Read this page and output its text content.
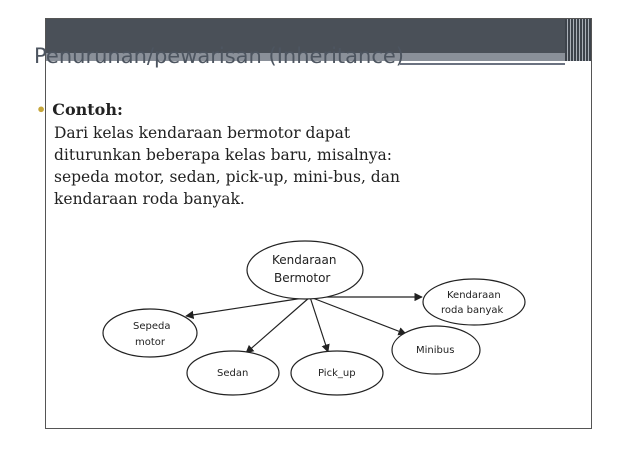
Penurunan/pewarisan (Inheritance)
• Contoh:
Dari kelas kendaraan bermotor dapat
diturunkan beberapa kelas baru, misalnya:
sepeda motor, sedan, pick-up, mini-bus, dan
kendaraan roda banyak.
Kendaraan
Bermotor
Kendaraan
roda banyak
Sepeda
motor
Minibus
Sedan	Pick_up
